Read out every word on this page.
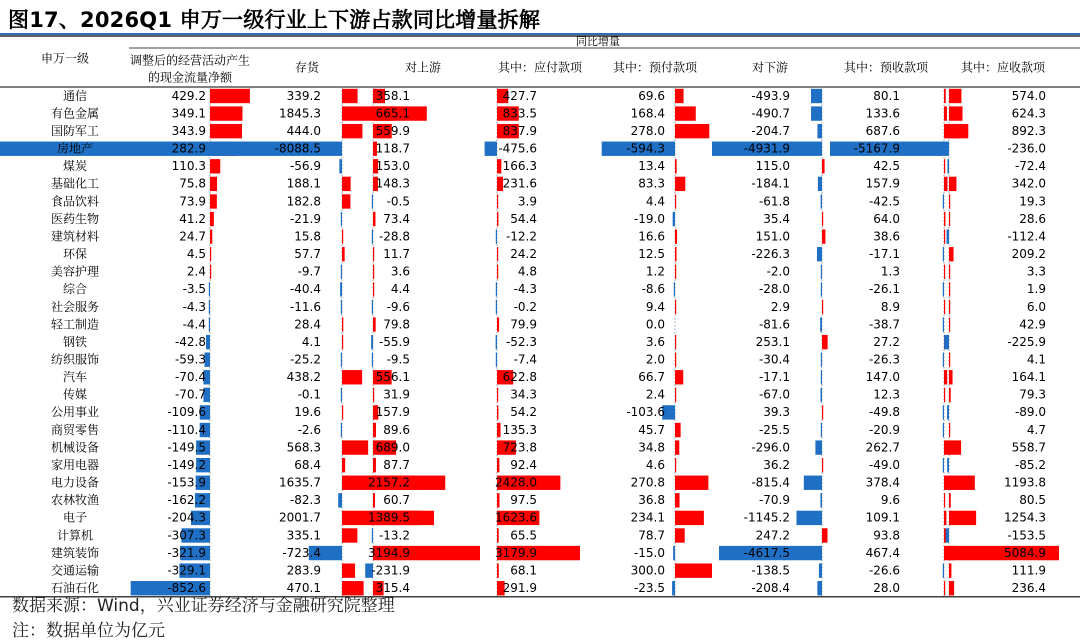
图17、2026Q1 申万一级行业上下游占款同比增量拆解
同比增量
申万一级	调整后的经营活动产生
的现金流量净额
存货	对上游	其中：应付款项	其中：预付款项	对下游	其中：预收款项	其中：应收款项
通信	429.2	339.2	358.1	427.7	69.6	-493.9	80.1	574.0
有色金属	349.1	1845.3	665.1	833.5	168.4	-490.7	133.6	624.3
国防军工	343.9	444.0	559.9	837.9	278.0	-204.7	687.6	892.3
房地产	282.9	-8088.5	118.7	-475.6	-594.3	-4931.9	-5167.9	-236.0
煤炭	110.3	-56.9	153.0	166.3	13.4	115.0	42.5	-72.4
基础化工	75.8	188.1	148.3	231.6	83.3	-184.1	157.9	342.0
食品饮料	73.9	182.8	-0.5	3.9	4.4	-61.8	-42.5	19.3
医药生物	41.2	-21.9	73.4	54.4	-19.0	35.4	64.0	28.6
建筑材料	24.7	15.8	-28.8	-12.2	16.6	151.0	38.6	-112.4
环保	4.5	57.7	11.7	24.2	12.5	-226.3	-17.1	209.2
美容护理	2.4	-9.7	3.6	4.8	1.2	-2.0	1.3	3.3
综合	-3.5	-40.4	4.4	-4.3	-8.6	-28.0	-26.1	1.9
社会服务	-4.3	-11.6	-9.6	-0.2	9.4	2.9	8.9	6.0
轻工制造	-4.4	28.4	79.8	79.9	0.0	-81.6	-38.7	42.9
钢铁	-42.8	4.1	-55.9	-52.3	3.6	253.1	27.2	-225.9
纺织服饰	-59.3	-25.2	-9.5	-7.4	2.0	-30.4	-26.3	4.1
汽车	-70.4	438.2	556.1	622.8	66.7	-17.1	147.0	164.1
传媒	-70.7	-0.1	31.9	34.3	2.4	-67.0	12.3	79.3
公用事业	-109.6	19.6	157.9	54.2	-103.6	39.3	-49.8	-89.0
商贸零售	-110.4	-2.6	89.6	135.3	45.7	-25.5	-20.9	4.7
机械设备	-149.5	568.3	689.0	723.8	34.8	-296.0	262.7	558.7
家用电器	-149.2	68.4	87.7	92.4	4.6	36.2	-49.0	-85.2
电力设备	-153.9	1635.7	2157.2	2428.0	270.8	-815.4	378.4	1193.8
农林牧渔	-162.2	-82.3	60.7	97.5	36.8	-70.9	9.6	80.5
电子	-204.3	2001.7	1389.5	1623.6	234.1	-1145.2	109.1	1254.3
计算机	-307.3	335.1	-13.2	65.5	78.7	247.2	93.8	-153.5
建筑装饰	-321.9	-723.4	3194.9	3179.9	-15.0	-4617.5	467.4	5084.9
交通运输	-329.1	283.9	-231.9	68.1	300.0	-138.5	-26.6	111.9
石油石化	-852.6	470.1	315.4	291.9	-23.5	-208.4	28.0	236.4
数据来源：Wind，兴业证券经济与金融研究院整理
注：数据单位为亿元
